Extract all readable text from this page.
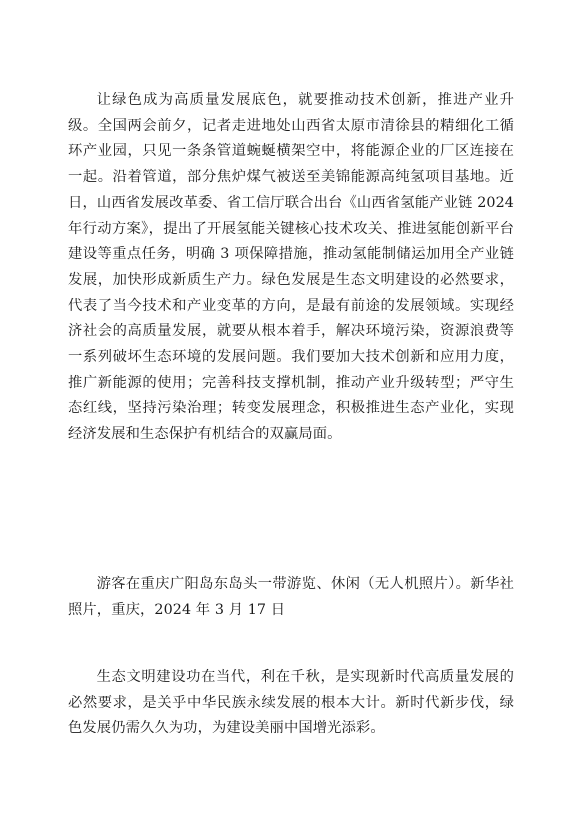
让绿色成为高质量发展底色，就要推动技术创新，推进产业升级。全国两会前夕，记者走进地处山西省太原市清徐县的精细化工循环产业园，只见一条条管道蜿蜒横架空中，将能源企业的厂区连接在一起。沿着管道，部分焦炉煤气被送至美锦能源高纯氢项目基地。近日，山西省发展改革委、省工信厅联合出台《山西省氢能产业链 2024 年行动方案》，提出了开展氢能关键核心技术攻关、推进氢能创新平台建设等重点任务，明确 3 项保障措施，推动氢能制储运加用全产业链发展，加快形成新质生产力。绿色发展是生态文明建设的必然要求，代表了当今技术和产业变革的方向，是最有前途的发展领域。实现经济社会的高质量发展，就要从根本着手，解决环境污染，资源浪费等一系列破坏生态环境的发展问题。我们要加大技术创新和应用力度，推广新能源的使用；完善科技支撑机制，推动产业升级转型；严守生态红线，坚持污染治理；转变发展理念，积极推进生态产业化，实现经济发展和生态保护有机结合的双赢局面。

游客在重庆广阳岛东岛头一带游览、休闲（无人机照片）。新华社照片，重庆，2024 年 3 月 17 日

生态文明建设功在当代，利在千秋，是实现新时代高质量发展的必然要求，是关乎中华民族永续发展的根本大计。新时代新步伐，绿色发展仍需久久为功，为建设美丽中国增光添彩。
